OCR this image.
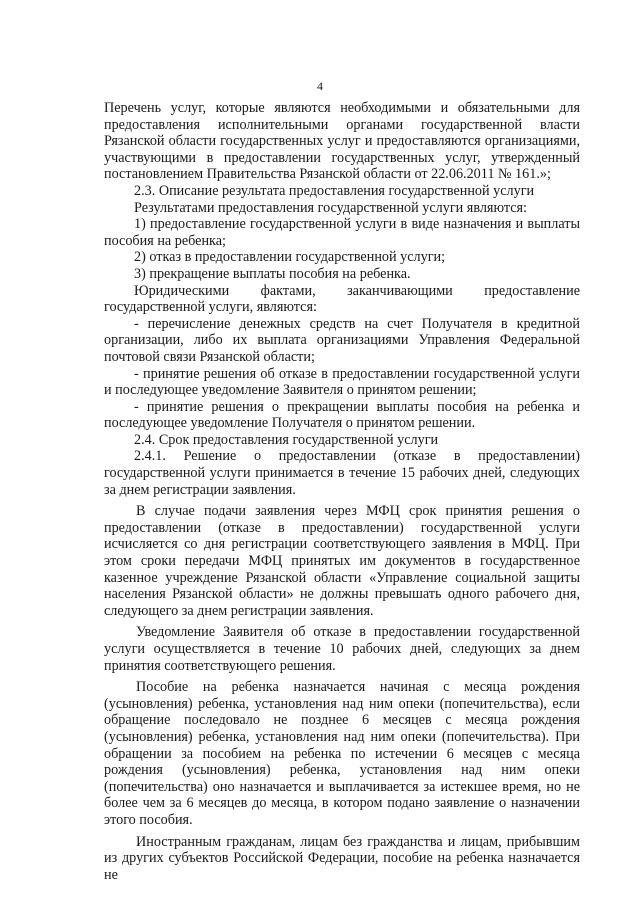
4

Перечень услуг, которые являются необходимыми и обязательными для предоставления исполнительными органами государственной власти Рязанской области государственных услуг и предоставляются организациями, участвующими в предоставлении государственных услуг, утвержденный постановлением Правительства Рязанской области от 22.06.2011 № 161.»;

2.3. Описание результата предоставления государственной услуги

Результатами предоставления государственной услуги являются:

1) предоставление государственной услуги в виде назначения и выплаты пособия на ребенка;

2) отказ в предоставлении государственной услуги;

3) прекращение выплаты пособия на ребенка.

Юридическими фактами, заканчивающими предоставление государственной услуги, являются:

- перечисление денежных средств на счет Получателя в кредитной организации, либо их выплата организациями Управления Федеральной почтовой связи Рязанской области;

- принятие решения об отказе в предоставлении государственной услуги и последующее уведомление Заявителя о принятом решении;

- принятие решения о прекращении выплаты пособия на ребенка и последующее уведомление Получателя о принятом решении.

2.4. Срок предоставления государственной услуги

2.4.1. Решение о предоставлении (отказе в предоставлении) государственной услуги принимается в течение 15 рабочих дней, следующих за днем регистрации заявления.

В случае подачи заявления через МФЦ срок принятия решения о предоставлении (отказе в предоставлении) государственной услуги исчисляется со дня регистрации соответствующего заявления в МФЦ. При этом сроки передачи МФЦ принятых им документов в государственное казенное учреждение Рязанской области «Управление социальной защиты населения Рязанской области» не должны превышать одного рабочего дня, следующего за днем регистрации заявления.

Уведомление Заявителя об отказе в предоставлении государственной услуги осуществляется в течение 10 рабочих дней, следующих за днем принятия соответствующего решения.

Пособие на ребенка назначается начиная с месяца рождения (усыновления) ребенка, установления над ним опеки (попечительства), если обращение последовало не позднее 6 месяцев с месяца рождения (усыновления) ребенка, установления над ним опеки (попечительства). При обращении за пособием на ребенка по истечении 6 месяцев с месяца рождения (усыновления) ребенка, установления над ним опеки (попечительства) оно назначается и выплачивается за истекшее время, но не более чем за 6 месяцев до месяца, в котором подано заявление о назначении этого пособия.

Иностранным гражданам, лицам без гражданства и лицам, прибывшим из других субъектов Российской Федерации, пособие на ребенка назначается не
